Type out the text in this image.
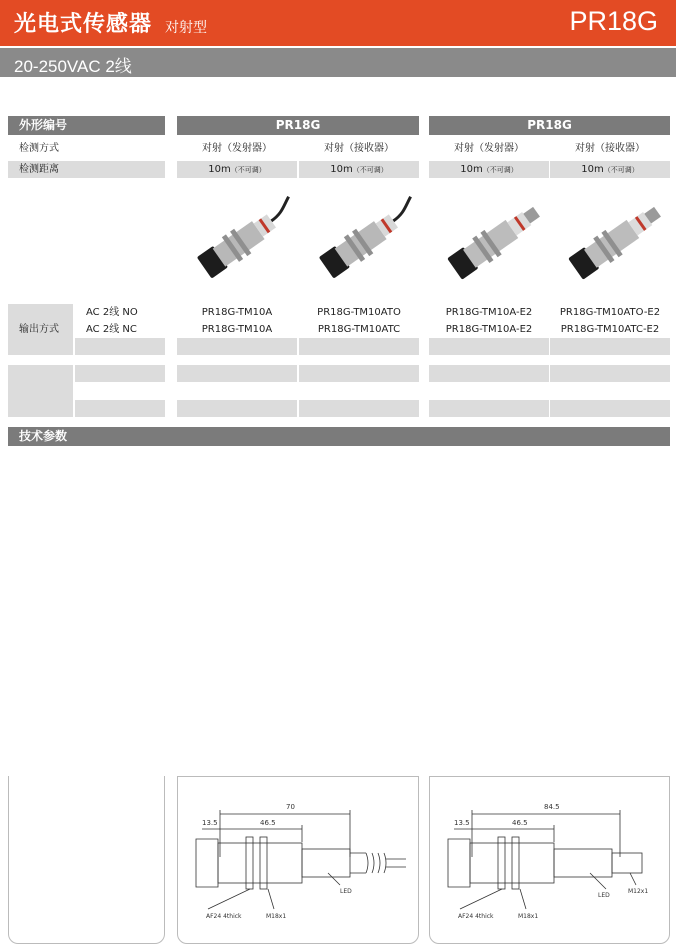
光电式传感器 对射型	PR18G
20-250VAC 2线
外形编号	PR18G	PR18G
检测方式	对射（发射器）	对射（接收器）	对射（发射器）	对射（接收器）
检测距离	10m（不可调）	10m（不可调）	10m（不可调）	10m（不可调）
输出方式
AC 2线 NO	PR18G-TM10A	PR18G-TM10ATO	PR18G-TM10A-E2	PR18G-TM10ATO-E2
AC 2线 NC	PR18G-TM10A	PR18G-TM10ATC	PR18G-TM10A-E2	PR18G-TM10ATC-E2
技术参数
70
46.5
13.5
AF24 4thick	M18x1
LED
84.5
46.5
13.5
AF24 4thick	M18x1
LED
M12x1
